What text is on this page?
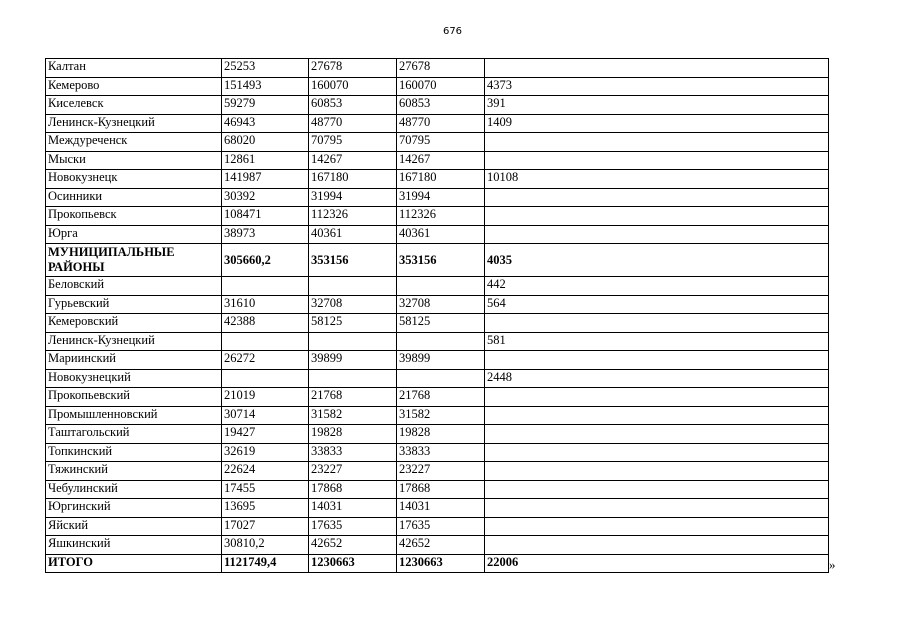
676
Калтан	25253	27678	27678	
Кемерово	151493	160070	160070	4373
Киселевск	59279	60853	60853	391
Ленинск-Кузнецкий	46943	48770	48770	1409
Междуреченск	68020	70795	70795	
Мыски	12861	14267	14267	
Новокузнецк	141987	167180	167180	10108
Осинники	30392	31994	31994	
Прокопьевск	108471	112326	112326	
Юрга	38973	40361	40361	
МУНИЦИПАЛЬНЫЕ РАЙОНЫ	305660,2	353156	353156	4035
Беловский				442
Гурьевский	31610	32708	32708	564
Кемеровский	42388	58125	58125	
Ленинск-Кузнецкий				581
Мариинский	26272	39899	39899	
Новокузнецкий				2448
Прокопьевский	21019	21768	21768	
Промышленновский	30714	31582	31582	
Таштагольский	19427	19828	19828	
Топкинский	32619	33833	33833	
Тяжинский	22624	23227	23227	
Чебулинский	17455	17868	17868	
Юргинский	13695	14031	14031	
Яйский	17027	17635	17635	
Яшкинский	30810,2	42652	42652	
ИТОГО	1121749,4	1230663	1230663	22006	»
